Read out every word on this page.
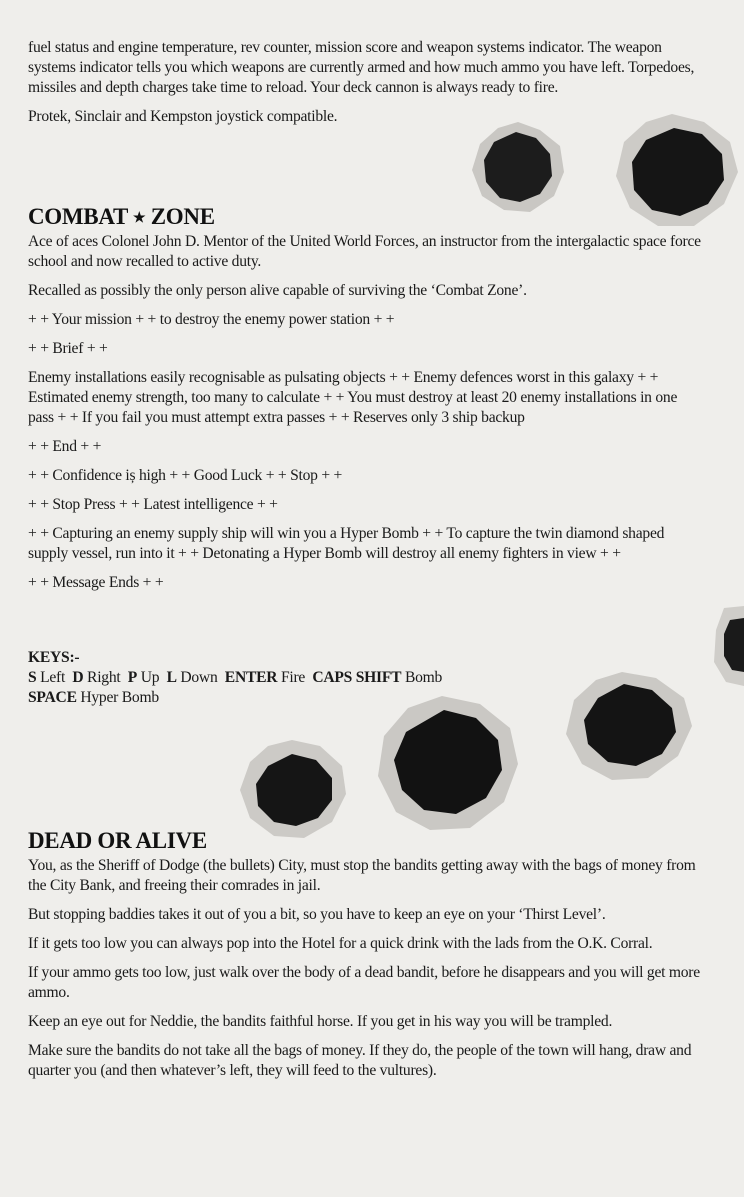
fuel status and engine temperature, rev counter, mission score and weapon systems indicator. The weapon systems indicator tells you which weapons are currently armed and how much ammo you have left. Torpedoes, missiles and depth charges take time to reload. Your deck cannon is always ready to fire.

Protek, Sinclair and Kempston joystick compatible.

COMBAT ★ ZONE

Ace of aces Colonel John D. Mentor of the United World Forces, an instructor from the intergalactic space force school and now recalled to active duty.

Recalled as possibly the only person alive capable of surviving the ‘Combat Zone’.

+ + Your mission + + to destroy the enemy power station + +

+ + Brief + +

Enemy installations easily recognisable as pulsating objects + + Enemy defences worst in this galaxy + + Estimated enemy strength, too many to calculate + + You must destroy at least 20 enemy installations in one pass + + If you fail you must attempt extra passes + + Reserves only 3 ship backup

+ + End + +

+ + Confidence iș high + + Good Luck + + Stop + +

+ + Stop Press + + Latest intelligence + +

+ + Capturing an enemy supply ship will win you a Hyper Bomb + + To capture the twin diamond shaped supply vessel, run into it + + Detonating a Hyper Bomb will destroy all enemy fighters in view + +

+ + Message Ends + +

KEYS:-
S Left D Right P Up L Down ENTER Fire CAPS SHIFT Bomb
SPACE Hyper Bomb
DEAD OR ALIVE

You, as the Sheriff of Dodge (the bullets) City, must stop the bandits getting away with the bags of money from the City Bank, and freeing their comrades in jail.

But stopping baddies takes it out of you a bit, so you have to keep an eye on your ‘Thirst Level’.

If it gets too low you can always pop into the Hotel for a quick drink with the lads from the O.K. Corral.

If your ammo gets too low, just walk over the body of a dead bandit, before he disappears and you will get more ammo.

Keep an eye out for Neddie, the bandits faithful horse. If you get in his way you will be trampled.

Make sure the bandits do not take all the bags of money. If they do, the people of the town will hang, draw and quarter you (and then whatever’s left, they will feed to the vultures).
